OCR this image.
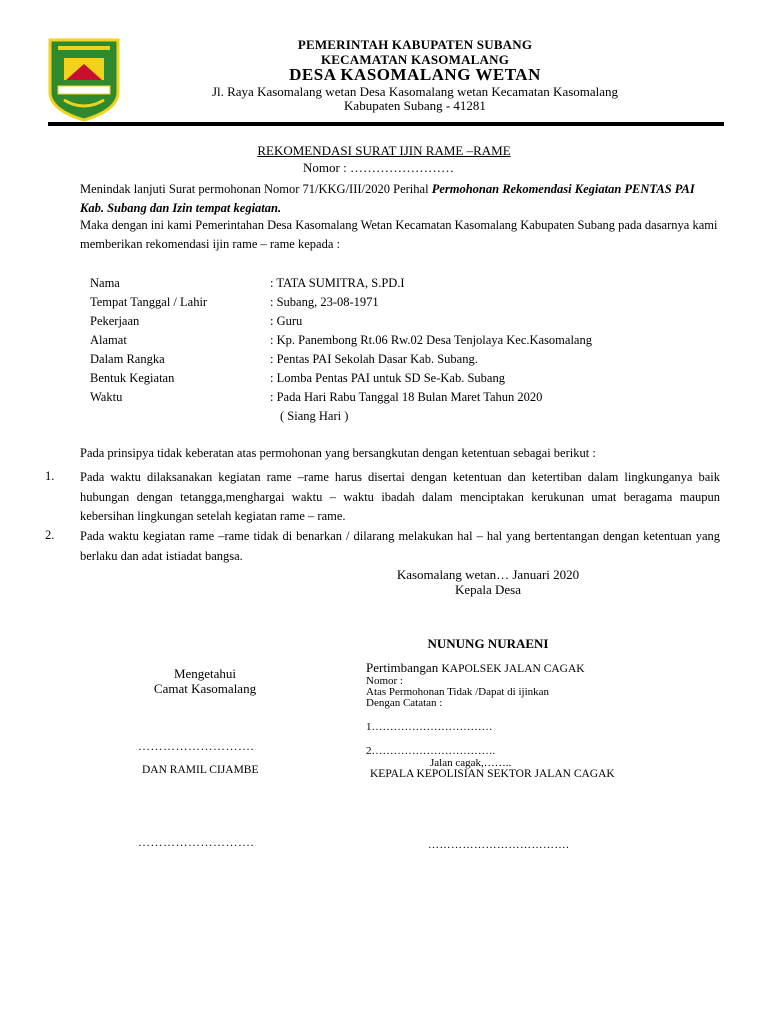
PEMERINTAH KABUPATEN SUBANG
KECAMATAN KASOMALANG
DESA KASOMALANG WETAN
Jl. Raya Kasomalang wetan Desa Kasomalang wetan Kecamatan Kasomalang
Kabupaten Subang - 41281
REKOMENDASI SURAT IJIN RAME –RAME
Nomor : ……………………
Menindak lanjuti Surat permohonan Nomor 71/KKG/III/2020 Perihal Permohonan Rekomendasi Kegiatan PENTAS PAI Kab. Subang dan Izin tempat kegiatan.
Maka dengan ini kami Pemerintahan Desa Kasomalang Wetan Kecamatan Kasomalang Kabupaten Subang pada dasarnya kami memberikan rekomendasi ijin rame – rame kepada :
Nama	: TATA SUMITRA, S.PD.I
Tempat Tanggal / Lahir	: Subang, 23-08-1971
Pekerjaan	: Guru
Alamat	: Kp. Panembong Rt.06 Rw.02 Desa Tenjolaya Kec.Kasomalang
Dalam Rangka	: Pentas PAI Sekolah Dasar Kab. Subang.
Bentuk Kegiatan	: Lomba Pentas PAI untuk SD Se-Kab. Subang
Waktu	: Pada Hari Rabu Tanggal 18 Bulan Maret Tahun 2020
( Siang Hari )
Pada prinsipya tidak keberatan atas permohonan yang bersangkutan dengan ketentuan sebagai berikut :
1. Pada waktu dilaksanakan kegiatan rame –rame harus disertai dengan ketentuan dan ketertiban dalam lingkunganya baik hubungan dengan tetangga,menghargai waktu – waktu ibadah dalam menciptakan kerukunan umat beragama maupun kebersihan lingkungan setelah kegiatan rame – rame.
2. Pada waktu kegiatan rame –rame tidak di benarkan / dilarang melakukan hal – hal yang bertentangan dengan ketentuan yang berlaku dan adat istiadat bangsa.
Kasomalang wetan… Januari 2020
Kepala Desa
NUNUNG NURAENI
Mengetahui
Camat Kasomalang
……………………….
DAN RAMIL CIJAMBE
……………………….
Pertimbangan KAPOLSEK JALAN CAGAK
Nomor :
Atas Permohonan Tidak /Dapat di ijinkan
Dengan Catatan :
1……………………………
2…………………………….
Jalan cagak,……..
KEPALA KEPOLISIAN SEKTOR JALAN CAGAK
……………………………….
